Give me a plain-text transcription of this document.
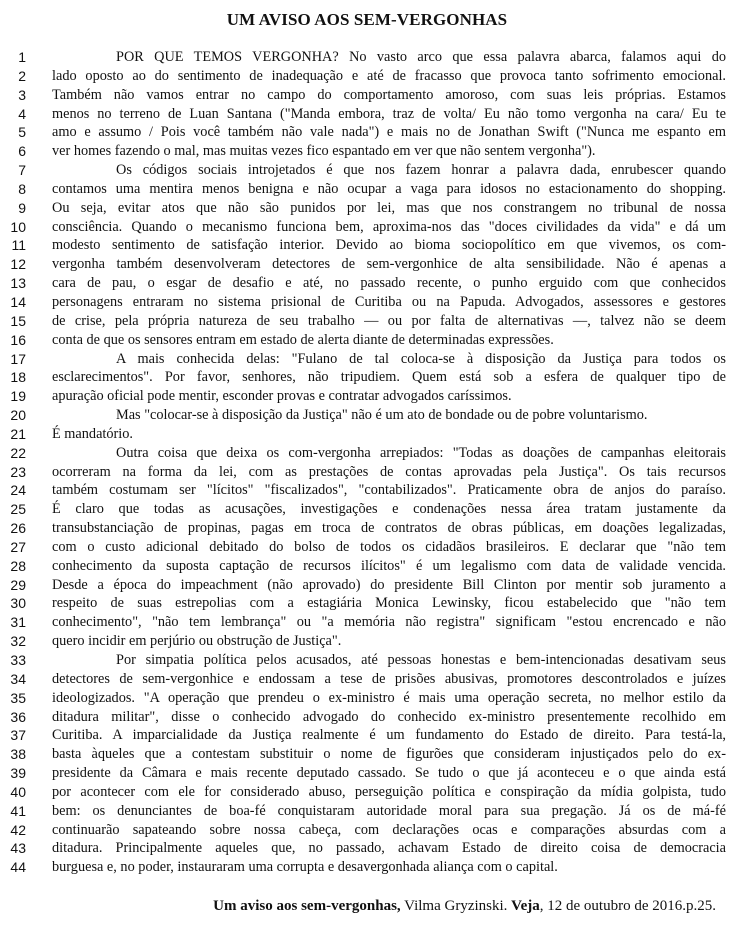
UM AVISO AOS SEM-VERGONHAS
1	POR QUE TEMOS VERGONHA? No vasto arco que essa palavra abarca, falamos aqui do
2 lado oposto ao do sentimento de inadequação e até de fracasso que provoca tanto sofrimento emocional.
3 Também não vamos entrar no campo do comportamento amoroso, com suas leis próprias. Estamos
4 menos no terreno de Luan Santana ("Manda embora, traz de volta/ Eu não tomo vergonha na cara/ Eu te
5 amo e assumo / Pois você também não vale nada") e mais no de Jonathan Swift ("Nunca me espanto em
6 ver homes fazendo o mal, mas muitas vezes fico espantado em ver que não sentem vergonha").
7	Os códigos sociais introjetados é que nos fazem honrar a palavra dada, enrubescer quando
8 contamos uma mentira menos benigna e não ocupar a vaga para idosos no estacionamento do shopping.
9 Ou seja, evitar atos que não são punidos por lei, mas que nos constrangem no tribunal de nossa
10 consciência. Quando o mecanismo funciona bem, aproxima-nos das "doces civilidades da vida" e dá um
11 modesto sentimento de satisfação interior. Devido ao bioma sociopolítico em que vivemos, os com-
12 vergonha também desenvolveram detectores de sem-vergonhice de alta sensibilidade. Não é apenas a
13 cara de pau, o esgar de desafio e até, no passado recente, o punho erguido com que conhecidos
14 personagens entraram no sistema prisional de Curitiba ou na Papuda. Advogados, assessores e gestores
15 de crise, pela própria natureza de seu trabalho — ou por falta de alternativas —, talvez não se deem
16 conta de que os sensores entram em estado de alerta diante de determinadas expressões.
17	A mais conhecida delas: "Fulano de tal coloca-se à disposição da Justiça para todos os
18 esclarecimentos". Por favor, senhores, não tripudiem. Quem está sob a esfera de qualquer tipo de
19 apuração oficial pode mentir, esconder provas e contratar advogados caríssimos.
20	Mas "colocar-se à disposição da Justiça" não é um ato de bondade ou de pobre voluntarismo.
21 É mandatório.
22	Outra coisa que deixa os com-vergonha arrepiados: "Todas as doações de campanhas eleitorais
23 ocorreram na forma da lei, com as prestações de contas aprovadas pela Justiça". Os tais recursos
24 também costumam ser "lícitos" "fiscalizados", "contabilizados". Praticamente obra de anjos do paraíso.
25 É claro que todas as acusações, investigações e condenações nessa área tratam justamente da
26 transubstanciação de propinas, pagas em troca de contratos de obras públicas, em doações legalizadas,
27 com o custo adicional debitado do bolso de todos os cidadãos brasileiros. E declarar que "não tem
28 conhecimento da suposta captação de recursos ilícitos" é um legalismo com data de validade vencida.
29 Desde a época do impeachment (não aprovado) do presidente Bill Clinton por mentir sob juramento a
30 respeito de suas estrepolias com a estagiária Monica Lewinsky, ficou estabelecido que "não tem
31 conhecimento", "não tem lembrança" ou "a memória não registra" significam "estou encrencado e não
32 quero incidir em perjúrio ou obstrução de Justiça".
33	Por simpatia política pelos acusados, até pessoas honestas e bem-intencionadas desativam seus
34 detectores de sem-vergonhice e endossam a tese de prisões abusivas, promotores descontrolados e juízes
35 ideologizados. "A operação que prendeu o ex-ministro é mais uma operação secreta, no melhor estilo da
36 ditadura militar", disse o conhecido advogado do conhecido ex-ministro presentemente recolhido em
37 Curitiba. A imparcialidade da Justiça realmente é um fundamento do Estado de direito. Para testá-la,
38 basta àqueles que a contestam substituir o nome de figurões que consideram injustiçados pelo do ex-
39 presidente da Câmara e mais recente deputado cassado. Se tudo o que já aconteceu e o que ainda está
40 por acontecer com ele for considerado abuso, perseguição política e conspiração da mídia golpista, tudo
41 bem: os denunciantes de boa-fé conquistaram autoridade moral para sua pregação. Já os de má-fé
42 continuarão sapateando sobre nossa cabeça, com declarações ocas e comparações absurdas com a
43 ditadura. Principalmente aqueles que, no passado, achavam Estado de direito coisa de democracia
44 burguesa e, no poder, instauraram uma corrupta e desavergonhada aliança com o capital.
Um aviso aos sem-vergonhas, Vilma Gryzinski. Veja, 12 de outubro de 2016.p.25.
